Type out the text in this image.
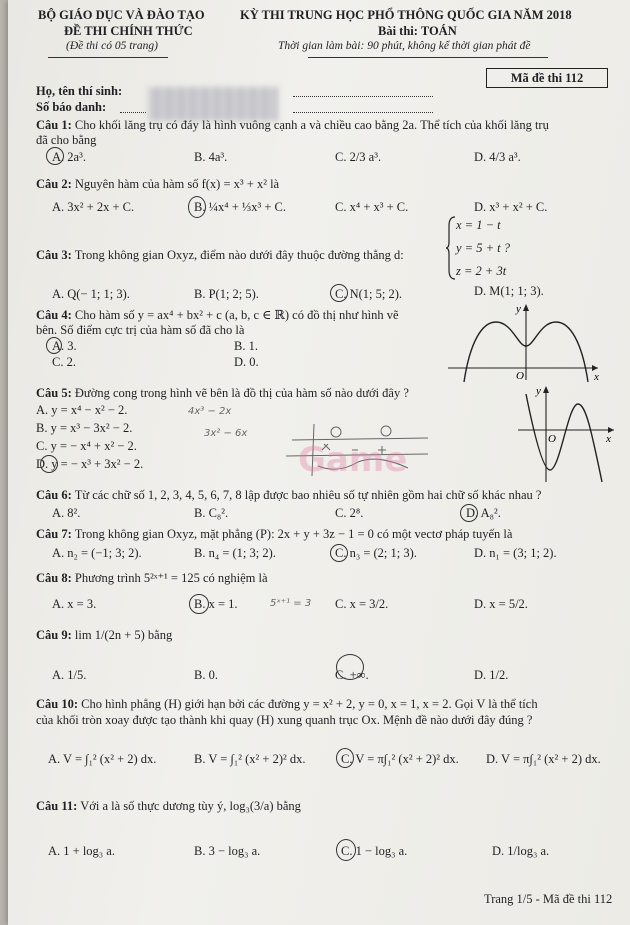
BỘ GIÁO DỤC VÀ ĐÀO TẠO
ĐỀ THI CHÍNH THỨC
(Đề thi có 05 trang)
KỲ THI TRUNG HỌC PHỔ THÔNG QUỐC GIA NĂM 2018
Bài thi: TOÁN
Thời gian làm bài: 90 phút, không kể thời gian phát đề
Họ, tên thí sinh:
Số báo danh:
Mã đề thi 112
Câu 1: Cho khối lăng trụ có đáy là hình vuông cạnh a và chiều cao bằng 2a. Thể tích của khối lăng trụ
đã cho bằng
A. 2a³.	B. 4a³.	C. 2/3 a³.	D. 4/3 a³.
Câu 2: Nguyên hàm của hàm số f(x) = x³ + x² là
A. 3x² + 2x + C.	B. ¼x⁴ + ⅓x³ + C.	C. x⁴ + x³ + C.	D. x³ + x² + C.
Câu 3: Trong không gian Oxyz, điểm nào dưới đây thuộc đường thẳng d:
x = 1 − t
y = 5 + t ?
z = 2 + 3t
A. Q(− 1; 1; 3).	B. P(1; 2; 5).	C. N(1; 5; 2).	D. M(1; 1; 3).
Câu 4: Cho hàm số y = ax⁴ + bx² + c (a, b, c ∈ ℝ) có đồ thị như hình vẽ
bên. Số điểm cực trị của hàm số đã cho là
A. 3.	B. 1.
C. 2.	D. 0.
y
O	x
Câu 5: Đường cong trong hình vẽ bên là đồ thị của hàm số nào dưới đây ?
A. y = x⁴ − x² − 2.
B. y = x³ − 3x² − 2.
C. y = − x⁴ + x² − 2.
D. y = − x³ + 3x² − 2.
4x³ − 2x
3x² − 6x
Game
y
O	x
Câu 6: Từ các chữ số 1, 2, 3, 4, 5, 6, 7, 8 lập được bao nhiêu số tự nhiên gồm hai chữ số khác nhau ?
A. 8².	B. C₈².	C. 2⁸.	D. A₈².
Câu 7: Trong không gian Oxyz, mặt phẳng (P): 2x + y + 3z − 1 = 0 có một vectơ pháp tuyến là
A. n₂ = (−1; 3; 2).	B. n₄ = (1; 3; 2).	C. n₃ = (2; 1; 3).	D. n₁ = (3; 1; 2).
Câu 8: Phương trình 5²ˣ⁺¹ = 125 có nghiệm là
A. x = 3.	B. x = 1.	C. x = 3/2.	D. x = 5/2.
5ˣ⁺¹ = 3
Câu 9: lim 1/(2n + 5) bằng
A. 1/5.	B. 0.	C. +∞.	D. 1/2.
Câu 10: Cho hình phẳng (H) giới hạn bởi các đường y = x² + 2, y = 0, x = 1, x = 2. Gọi V là thể tích
của khối tròn xoay được tạo thành khi quay (H) xung quanh trục Ox. Mệnh đề nào dưới đây đúng ?
A. V = ∫₁² (x² + 2) dx.	B. V = ∫₁² (x² + 2)² dx.	C. V = π∫₁² (x² + 2)² dx. D. V = π∫₁² (x² + 2) dx.
Câu 11: Với a là số thực dương tùy ý, log₃(3/a) bằng
A. 1 + log₃ a.	B. 3 − log₃ a.	C. 1 − log₃ a.	D. 1/log₃ a.
Trang 1/5 - Mã đề thi 112
